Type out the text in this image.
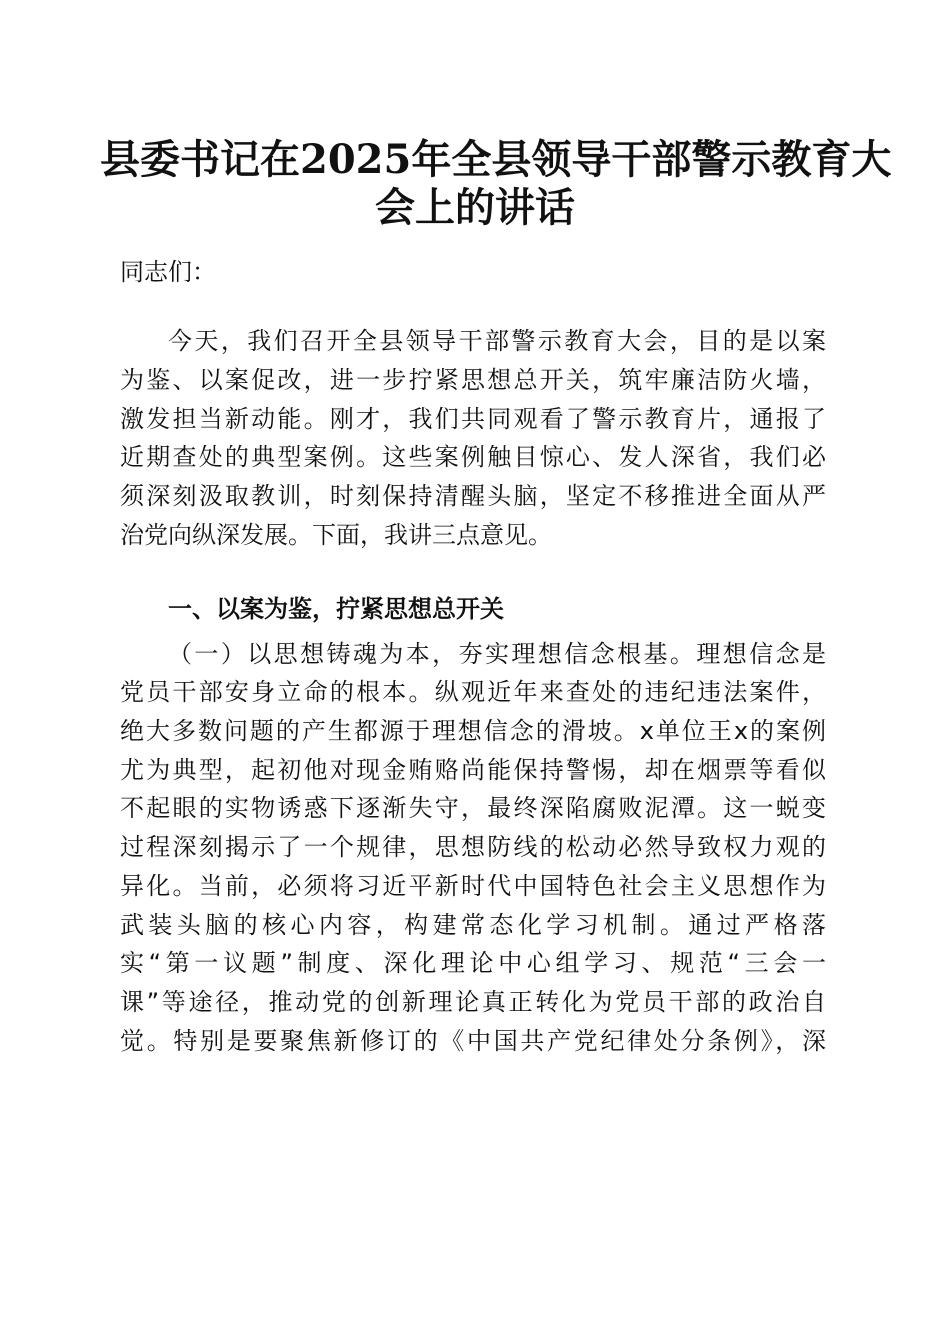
县委书记在2025年全县领导干部警示教育大
会上的讲话
同志们：
今天，我们召开全县领导干部警示教育大会，目的是以案
为鉴、以案促改，进一步拧紧思想总开关，筑牢廉洁防火墙，
激发担当新动能。刚才，我们共同观看了警示教育片，通报了
近期查处的典型案例。这些案例触目惊心、发人深省，我们必
须深刻汲取教训，时刻保持清醒头脑，坚定不移推进全面从严
治党向纵深发展。下面，我讲三点意见。
一、以案为鉴，拧紧思想总开关
（一）以思想铸魂为本，夯实理想信念根基。理想信念是
党员干部安身立命的根本。纵观近年来查处的违纪违法案件，
绝大多数问题的产生都源于理想信念的滑坡。x单位王x的案例
尤为典型，起初他对现金贿赂尚能保持警惕，却在烟票等看似
不起眼的实物诱惑下逐渐失守，最终深陷腐败泥潭。这一蜕变
过程深刻揭示了一个规律，思想防线的松动必然导致权力观的
异化。当前，必须将习近平新时代中国特色社会主义思想作为
武装头脑的核心内容，构建常态化学习机制。通过严格落
实“第一议题”制度、深化理论中心组学习、规范“三会一
课”等途径，推动党的创新理论真正转化为党员干部的政治自
觉。特别是要聚焦新修订的《中国共产党纪律处分条例》，深
